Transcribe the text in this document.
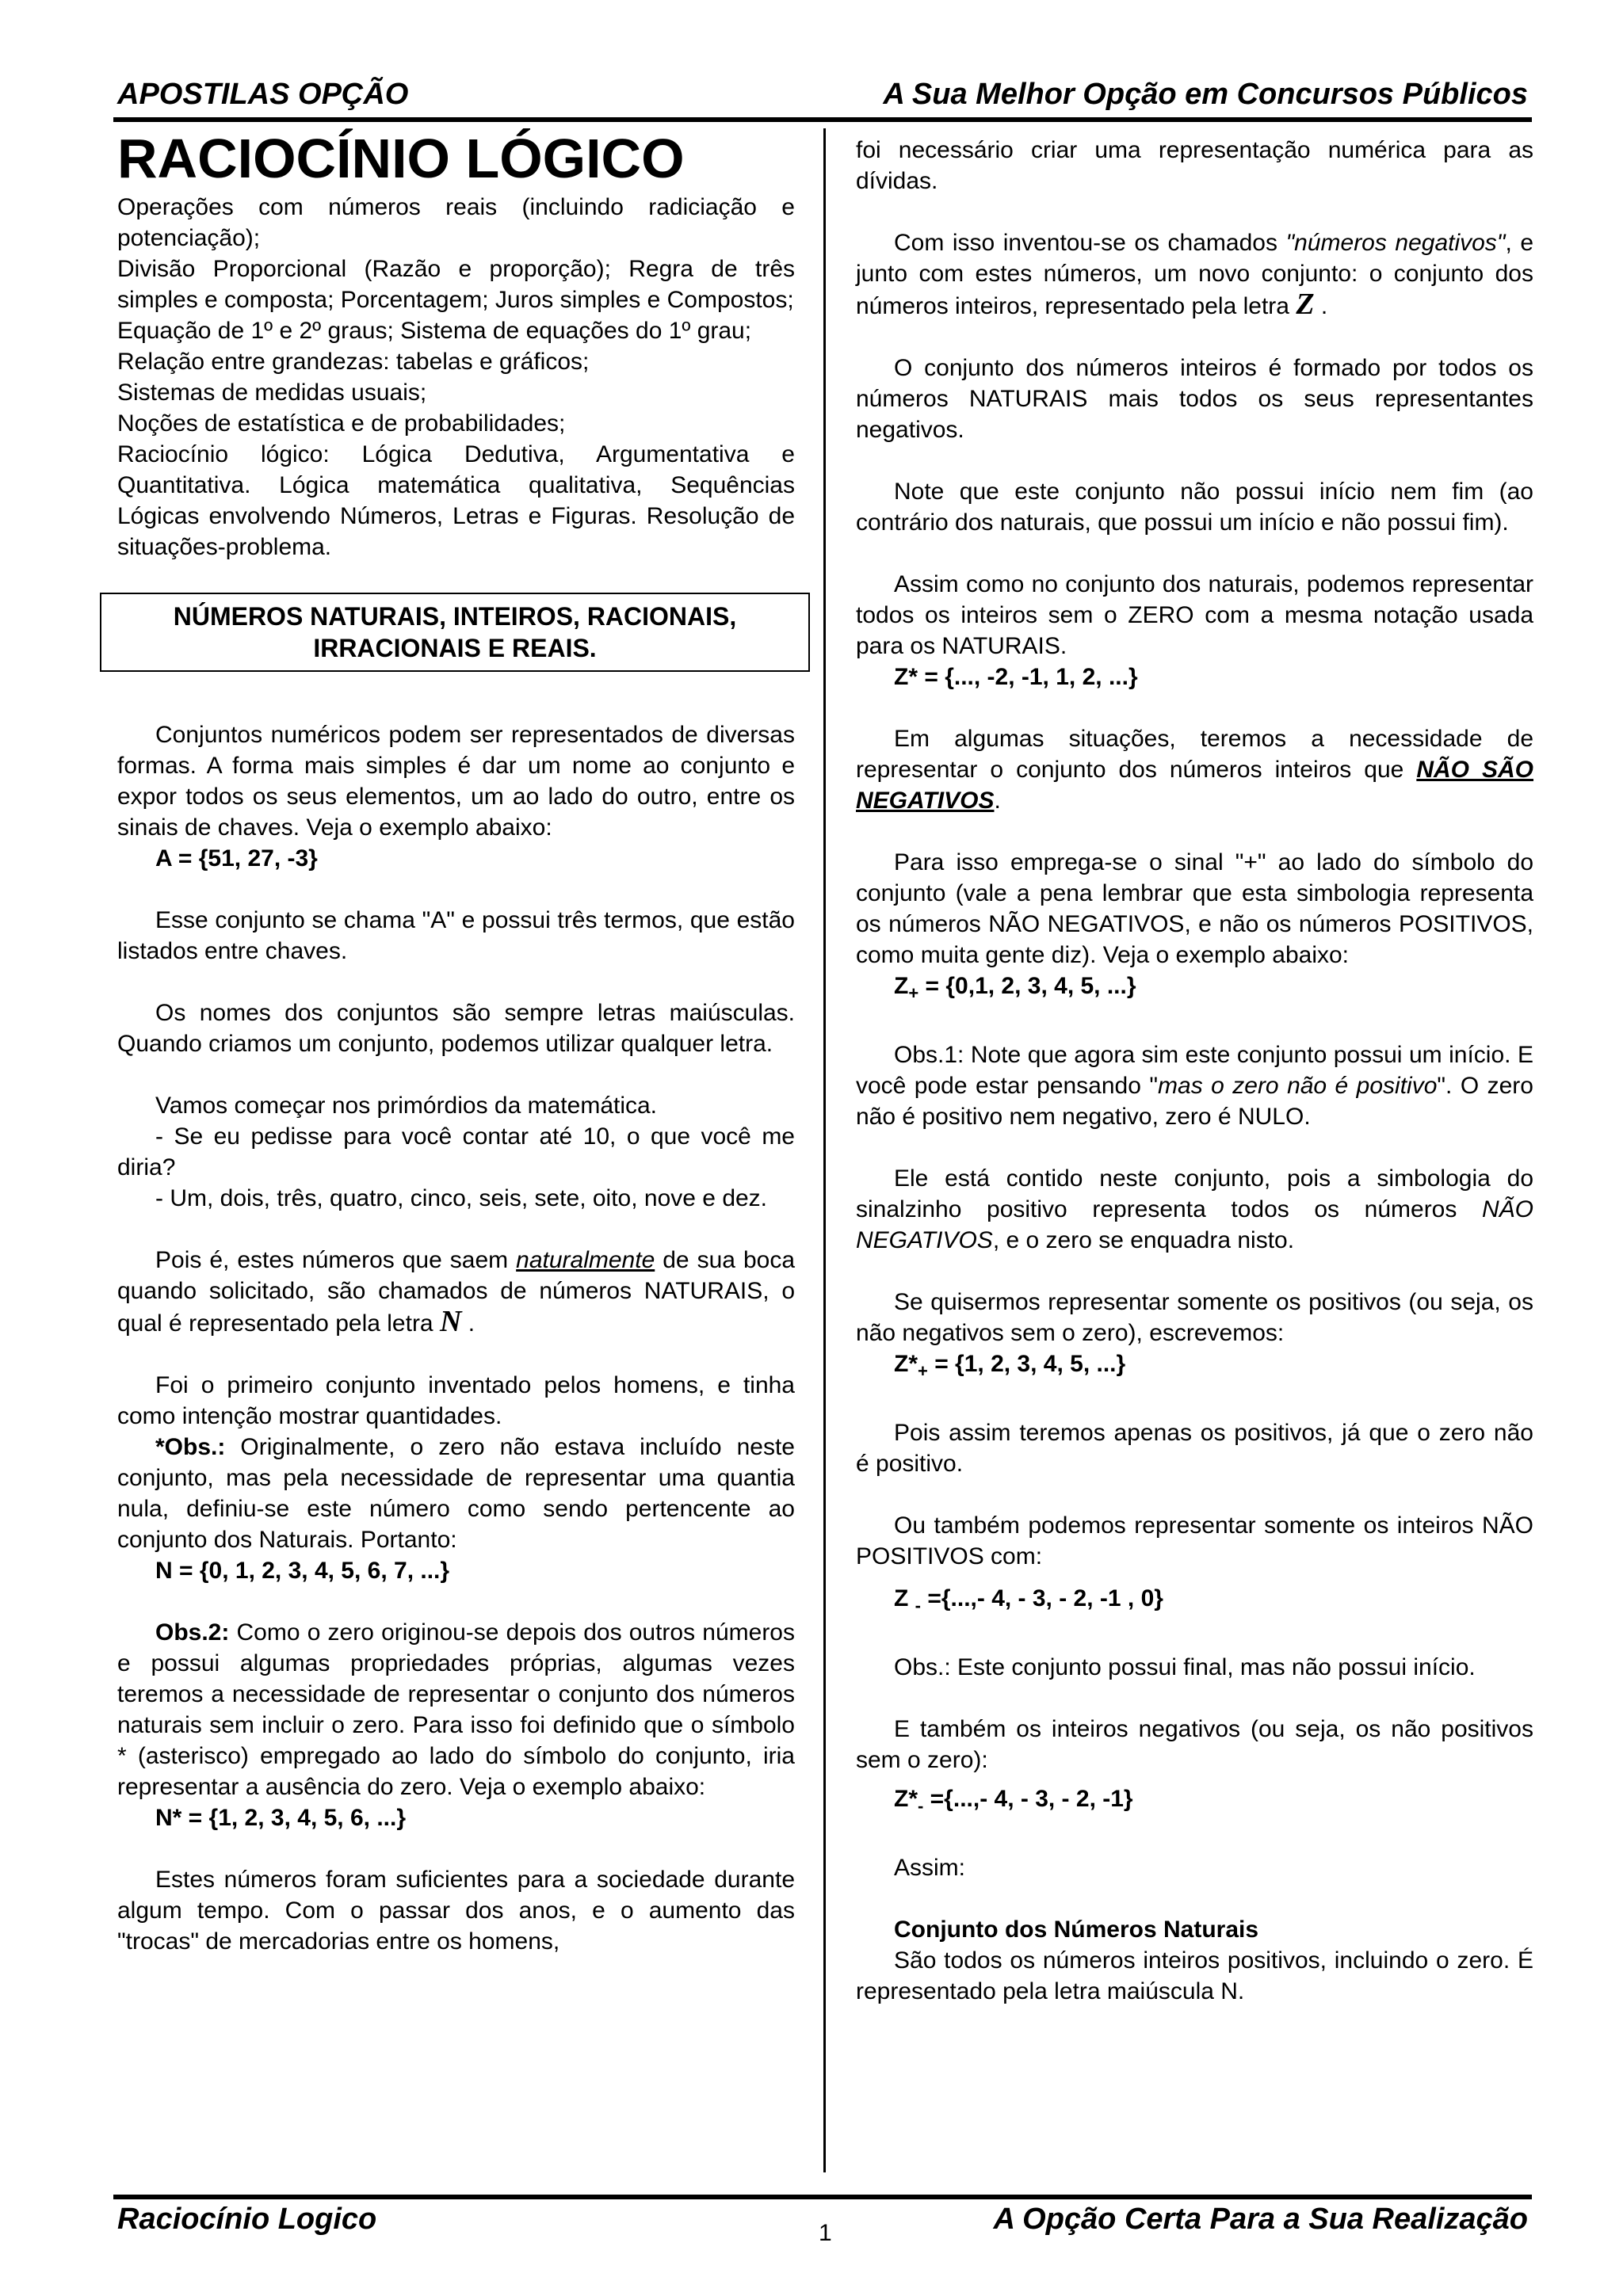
APOSTILAS OPÇÃO	A Sua Melhor Opção em Concursos Públicos

RACIOCÍNIO LÓGICO

Operações com números reais (incluindo radiciação e potenciação);

Divisão Proporcional (Razão e proporção); Regra de três simples e composta; Porcentagem; Juros simples e Compostos;

Equação de 1º e 2º graus; Sistema de equações do 1º grau;

Relação entre grandezas: tabelas e gráficos;

Sistemas de medidas usuais;

Noções de estatística e de probabilidades;

Raciocínio lógico: Lógica Dedutiva, Argumentativa e Quantitativa. Lógica matemática qualitativa, Sequências Lógicas envolvendo Números, Letras e Figuras. Resolução de situações-problema.

NÚMEROS NATURAIS, INTEIROS, RACIONAIS, IRRACIONAIS E REAIS.

Conjuntos numéricos podem ser representados de diversas formas. A forma mais simples é dar um nome ao conjunto e expor todos os seus elementos, um ao lado do outro, entre os sinais de chaves. Veja o exemplo abaixo:

A = {51, 27, -3}

Esse conjunto se chama "A" e possui três termos, que estão listados entre chaves.

Os nomes dos conjuntos são sempre letras maiúsculas. Quando criamos um conjunto, podemos utilizar qualquer letra.

Vamos começar nos primórdios da matemática.

- Se eu pedisse para você contar até 10, o que você me diria?

- Um, dois, três, quatro, cinco, seis, sete, oito, nove e dez.

Pois é, estes números que saem naturalmente de sua boca quando solicitado, são chamados de números NATURAIS, o qual é representado pela letra N .

Foi o primeiro conjunto inventado pelos homens, e tinha como intenção mostrar quantidades.

*Obs.: Originalmente, o zero não estava incluído neste conjunto, mas pela necessidade de representar uma quantia nula, definiu-se este número como sendo pertencente ao conjunto dos Naturais. Portanto:

N = {0, 1, 2, 3, 4, 5, 6, 7, ...}

Obs.2: Como o zero originou-se depois dos outros números e possui algumas propriedades próprias, algumas vezes teremos a necessidade de representar o conjunto dos números naturais sem incluir o zero. Para isso foi definido que o símbolo * (asterisco) empregado ao lado do símbolo do conjunto, iria representar a ausência do zero. Veja o exemplo abaixo:

N* = {1, 2, 3, 4, 5, 6, ...}

Estes números foram suficientes para a sociedade durante algum tempo. Com o passar dos anos, e o aumento das "trocas" de mercadorias entre os homens,

foi necessário criar uma representação numérica para as dívidas.

Com isso inventou-se os chamados "números negativos", e junto com estes números, um novo conjunto: o conjunto dos números inteiros, representado pela letra Z .

O conjunto dos números inteiros é formado por todos os números NATURAIS mais todos os seus representantes negativos.

Note que este conjunto não possui início nem fim (ao contrário dos naturais, que possui um início e não possui fim).

Assim como no conjunto dos naturais, podemos representar todos os inteiros sem o ZERO com a mesma notação usada para os NATURAIS.

Z* = {..., -2, -1, 1, 2, ...}

Em algumas situações, teremos a necessidade de representar o conjunto dos números inteiros que NÃO SÃO NEGATIVOS.

Para isso emprega-se o sinal "+" ao lado do símbolo do conjunto (vale a pena lembrar que esta simbologia representa os números NÃO NEGATIVOS, e não os números POSITIVOS, como muita gente diz). Veja o exemplo abaixo:

$Z_+ = \{0,1$, 2, 3, 4, 5, ...}

Obs.1: Note que agora sim este conjunto possui um início. E você pode estar pensando "mas o zero não é positivo". O zero não é positivo nem negativo, zero é NULO.

Ele está contido neste conjunto, pois a simbologia do sinalzinho positivo representa todos os números NÃO NEGATIVOS, e o zero se enquadra nisto.

Se quisermos representar somente os positivos (ou seja, os não negativos sem o zero), escrevemos:

$Z*_+ = \{1$, 2, 3, 4, 5, ...}

Pois assim teremos apenas os positivos, já que o zero não é positivo.

Ou também podemos representar somente os inteiros NÃO POSITIVOS com:

Z $_-$ ={...,- 4, - 3, - 2, -1 , 0}

Obs.: Este conjunto possui final, mas não possui início.

E também os inteiros negativos (ou seja, os não positivos sem o zero):

$Z*_-$ ={...,- 4, - 3, - 2, -1}

Assim:

Conjunto dos Números Naturais

São todos os números inteiros positivos, incluindo o zero. É representado pela letra maiúscula N.

Raciocínio Logico	1	A Opção Certa Para a Sua Realização
